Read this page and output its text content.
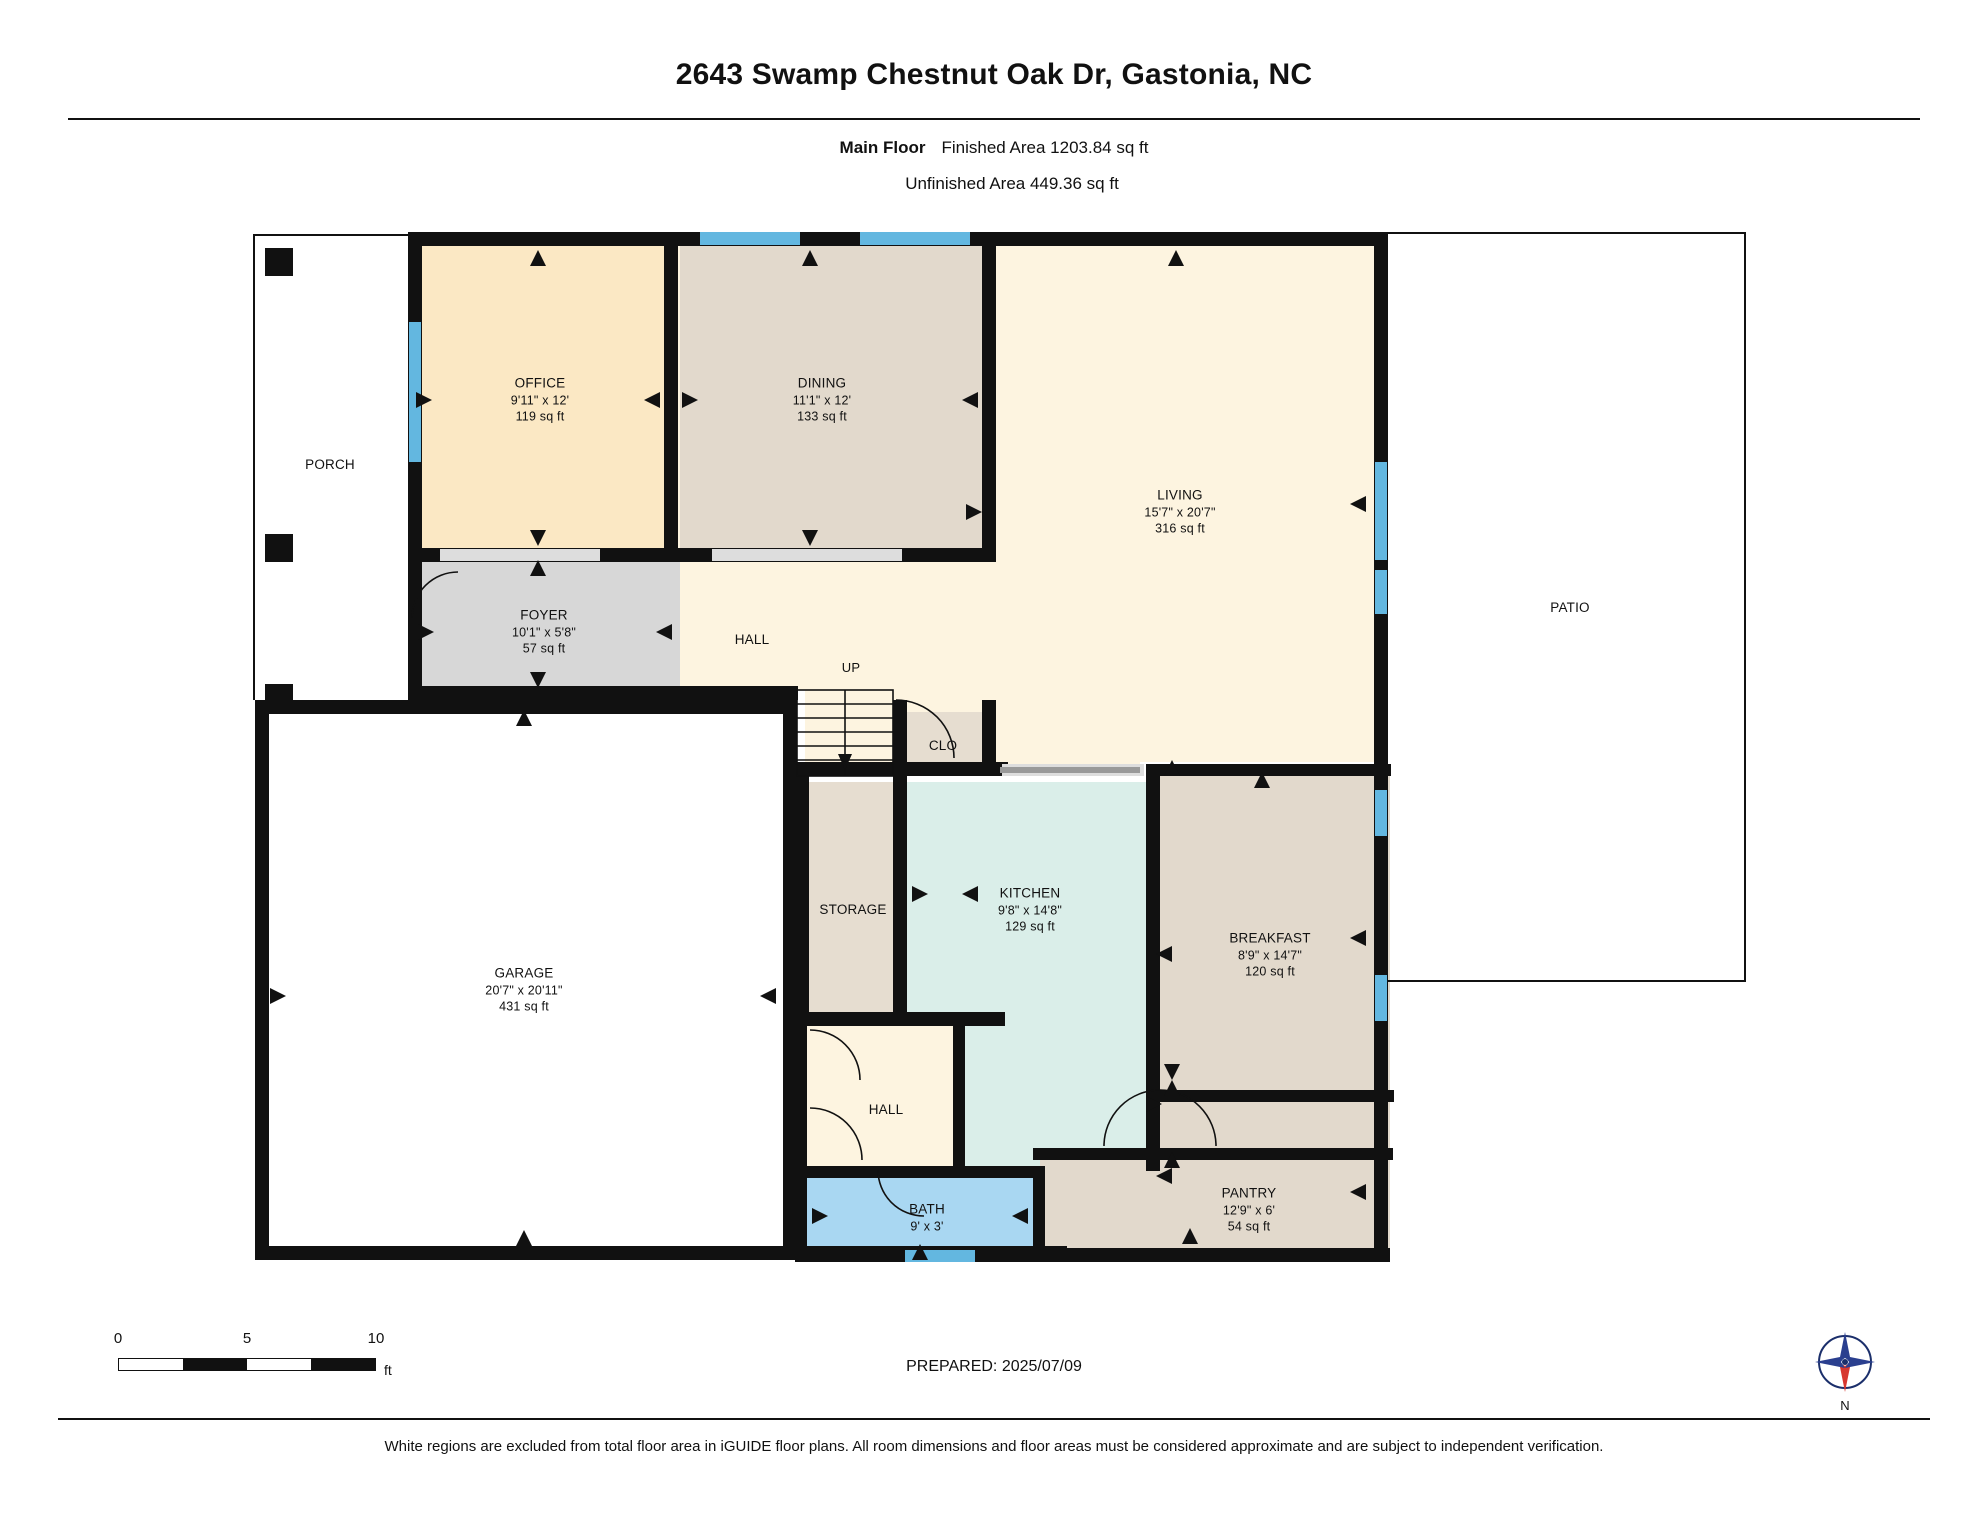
2643 Swamp Chestnut Oak Dr, Gastonia, NC
Main Floor Finished Area 1203.84 sq ft
Unfinished Area 449.36 sq ft
PORCH
OFFICE
9'11" x 12'
119 sq ft
DINING
11'1" x 12'
133 sq ft
LIVING
15'7" x 20'7"
316 sq ft
PATIO
FOYER
10'1" x 5'8"
57 sq ft
HALL
UP
CLO
STORAGE
KITCHEN
9'8" x 14'8"
129 sq ft
BREAKFAST
8'9" x 14'7"
120 sq ft
GARAGE
20'7" x 20'11"
431 sq ft
HALL
BATH
9' x 3'
PANTRY
12'9" x 6'
54 sq ft
0	5	10
ft	PREPARED: 2025/07/09
N
White regions are excluded from total floor area in iGUIDE floor plans. All room dimensions and floor areas must be considered approximate and are subject to independent verification.
